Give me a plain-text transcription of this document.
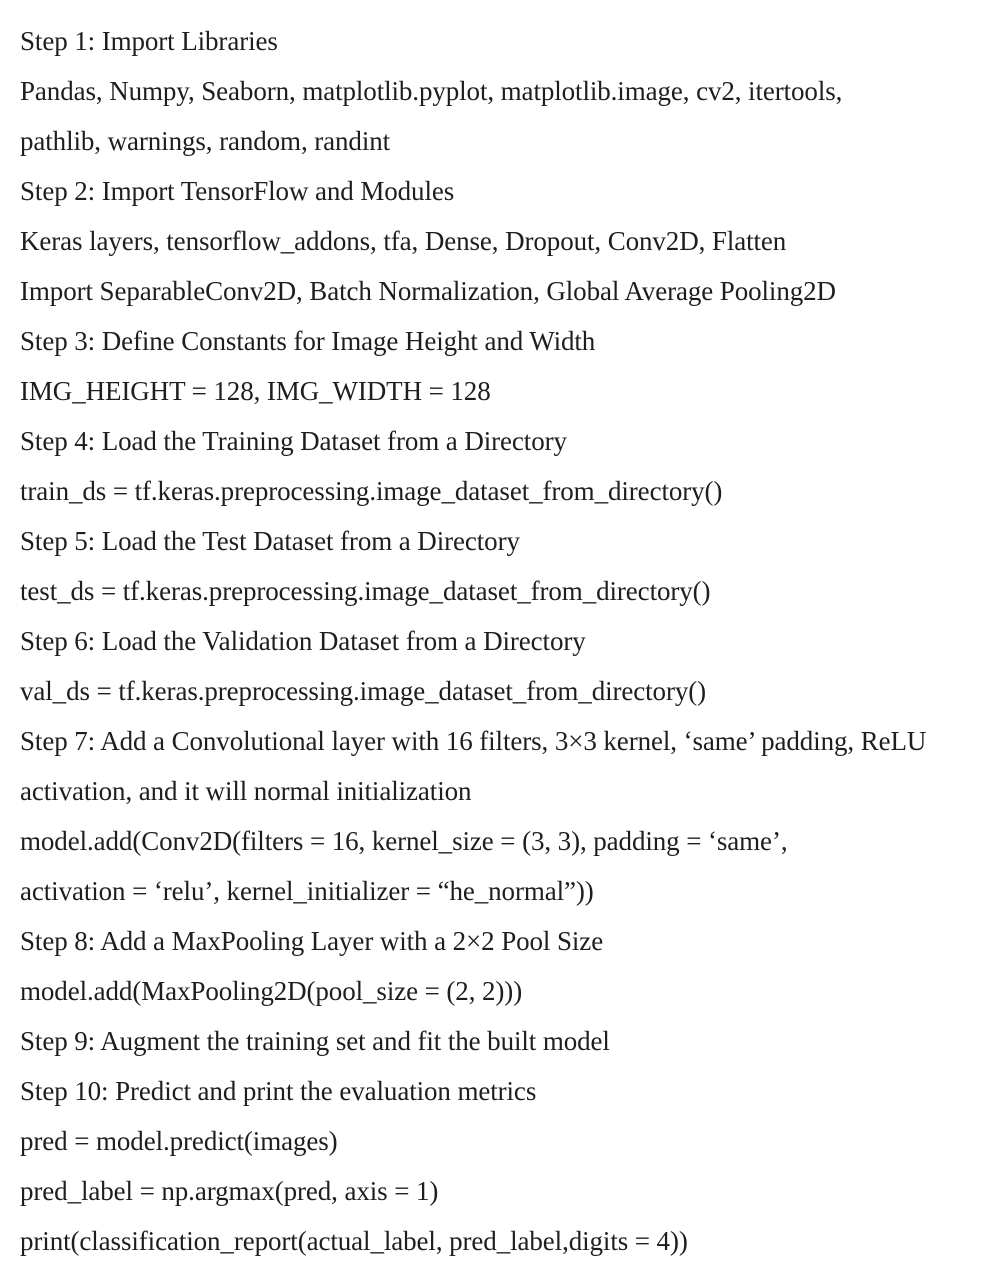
Step 1: Import Libraries
Pandas, Numpy, Seaborn, matplotlib.pyplot, matplotlib.image, cv2, itertools,
pathlib, warnings, random, randint
Step 2: Import TensorFlow and Modules
Keras layers, tensorflow_addons, tfa, Dense, Dropout, Conv2D, Flatten
Import SeparableConv2D, Batch Normalization, Global Average Pooling2D
Step 3: Define Constants for Image Height and Width
IMG_HEIGHT = 128, IMG_WIDTH = 128
Step 4: Load the Training Dataset from a Directory
train_ds = tf.keras.preprocessing.image_dataset_from_directory()
Step 5: Load the Test Dataset from a Directory
test_ds = tf.keras.preprocessing.image_dataset_from_directory()
Step 6: Load the Validation Dataset from a Directory
val_ds = tf.keras.preprocessing.image_dataset_from_directory()
Step 7: Add a Convolutional layer with 16 filters, 3×3 kernel, ‘same’ padding, ReLU
activation, and it will normal initialization
model.add(Conv2D(filters = 16, kernel_size = (3, 3), padding = ‘same’,
activation = ‘relu’, kernel_initializer = “he_normal”))
Step 8: Add a MaxPooling Layer with a 2×2 Pool Size
model.add(MaxPooling2D(pool_size = (2, 2)))
Step 9: Augment the training set and fit the built model
Step 10: Predict and print the evaluation metrics
pred = model.predict(images)
pred_label = np.argmax(pred, axis = 1)
print(classification_report(actual_label, pred_label,digits = 4))
